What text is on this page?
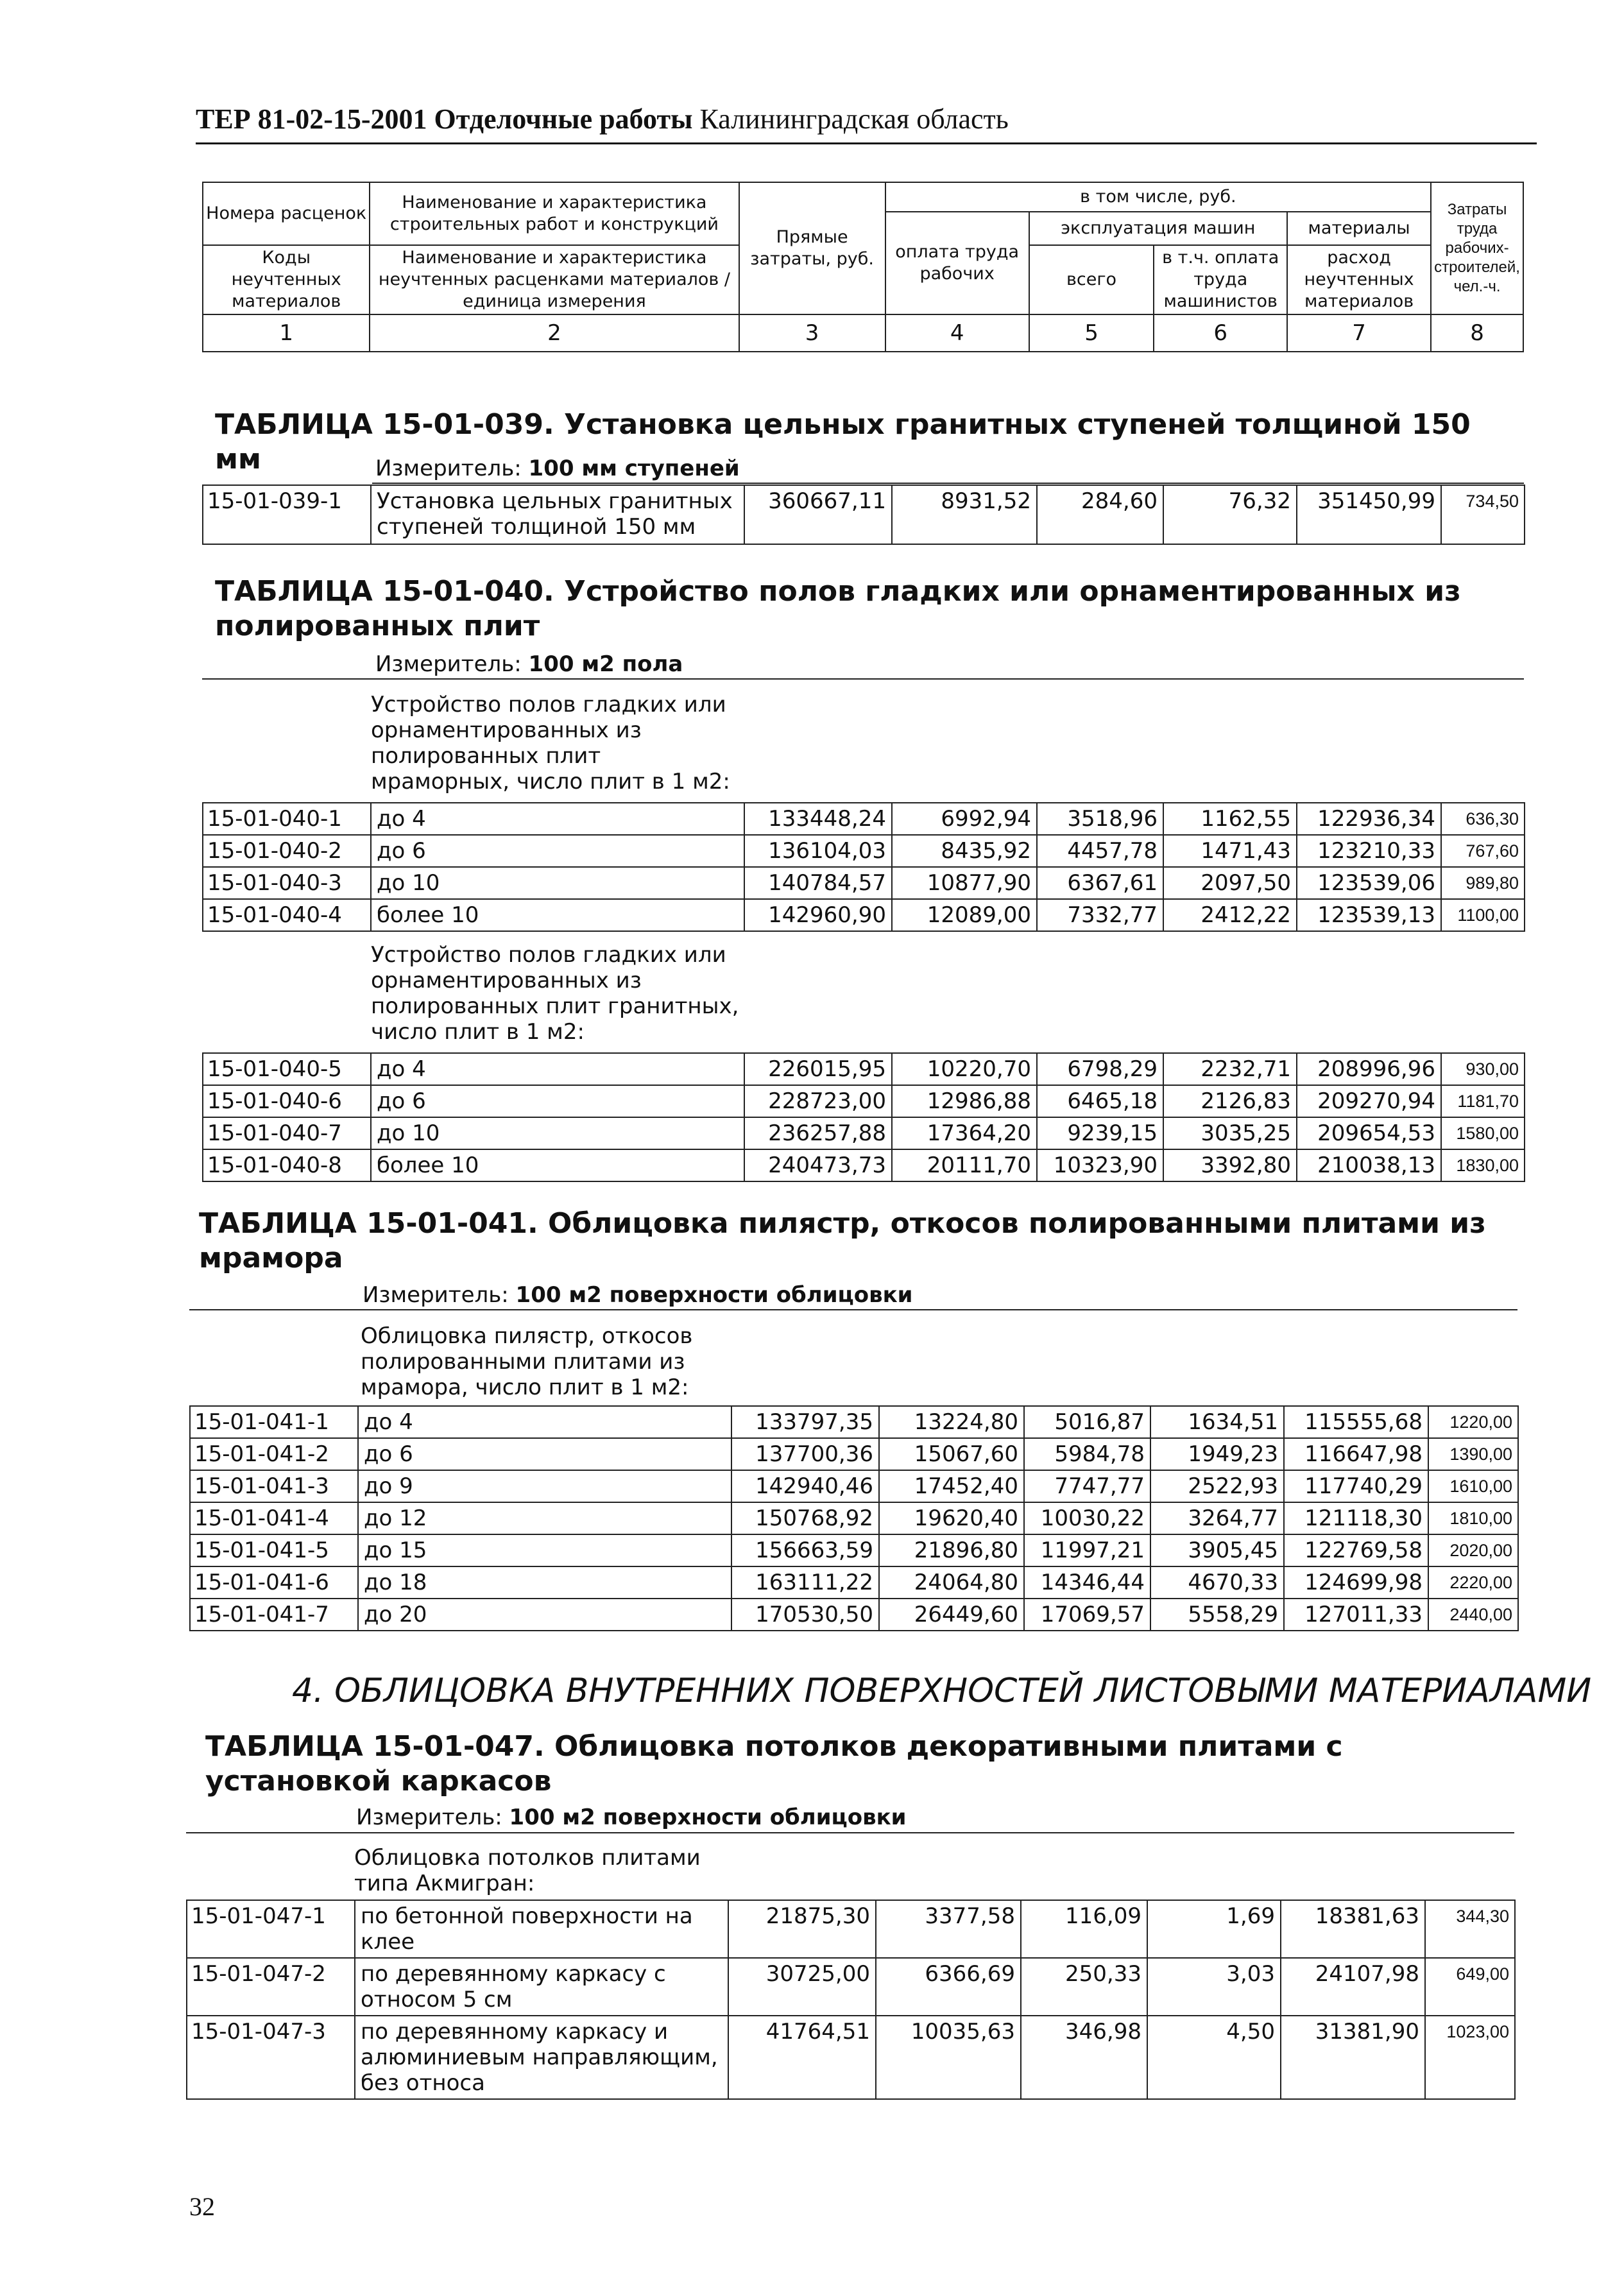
ТЕР 81-02-15-2001 Отделочные работы Калининградская область
Номера расценок	Наименование и характеристика строительных работ и конструкций	Прямые затраты, руб.	в том числе, руб.				Затраты труда рабочих-строителей, чел.-ч.
			оплата труда рабочих	эксплуатация машин		материалы	
Коды неучтенных материалов	Наименование и характеристика неучтенных расценками материалов / единица измерения			всего	в т.ч. оплата труда машинистов	расход неучтенных материалов	

1	2	3	4	5	6	7	8
ТАБЛИЦА 15-01-039. Установка цельных гранитных ступеней толщиной 150 мм	Измеритель: 100 мм ступеней
15-01-039-1	Установка цельных гранитных ступеней толщиной 150 мм	360667,11	8931,52	284,60	76,32	351450,99	734,50
ТАБЛИЦА 15-01-040. Устройство полов гладких или орнаментированных из полированных плит
Измеритель: 100 м2 пола
Устройство полов гладких или орнаментированных из полированных плит мраморных, число плит в 1 м2:
15-01-040-1	до 4	133448,24	6992,94	3518,96	1162,55	122936,34	636,30
15-01-040-2	до 6	136104,03	8435,92	4457,78	1471,43	123210,33	767,60
15-01-040-3	до 10	140784,57	10877,90	6367,61	2097,50	123539,06	989,80
15-01-040-4	более 10	142960,90	12089,00	7332,77	2412,22	123539,13	1100,00
Устройство полов гладких или орнаментированных из полированных плит гранитных, число плит в 1 м2:
15-01-040-5	до 4	226015,95	10220,70	6798,29	2232,71	208996,96	930,00
15-01-040-6	до 6	228723,00	12986,88	6465,18	2126,83	209270,94	1181,70
15-01-040-7	до 10	236257,88	17364,20	9239,15	3035,25	209654,53	1580,00
15-01-040-8	более 10	240473,73	20111,70	10323,90	3392,80	210038,13	1830,00
ТАБЛИЦА 15-01-041. Облицовка пилястр, откосов полированными плитами из мрамора
Измеритель: 100 м2 поверхности облицовки
Облицовка пилястр, откосов полированными плитами из мрамора, число плит в 1 м2:
15-01-041-1	до 4	133797,35	13224,80	5016,87	1634,51	115555,68	1220,00
15-01-041-2	до 6	137700,36	15067,60	5984,78	1949,23	116647,98	1390,00
15-01-041-3	до 9	142940,46	17452,40	7747,77	2522,93	117740,29	1610,00
15-01-041-4	до 12	150768,92	19620,40	10030,22	3264,77	121118,30	1810,00
15-01-041-5	до 15	156663,59	21896,80	11997,21	3905,45	122769,58	2020,00
15-01-041-6	до 18	163111,22	24064,80	14346,44	4670,33	124699,98	2220,00
15-01-041-7	до 20	170530,50	26449,60	17069,57	5558,29	127011,33	2440,00
4. ОБЛИЦОВКА ВНУТРЕННИХ ПОВЕРХНОСТЕЙ ЛИСТОВЫМИ МАТЕРИАЛАМИ
ТАБЛИЦА 15-01-047. Облицовка потолков декоративными плитами с установкой каркасов
Измеритель: 100 м2 поверхности облицовки
Облицовка потолков плитами типа Акмигран:
15-01-047-1	по бетонной поверхности на клее	21875,30	3377,58	116,09	1,69	18381,63	344,30
15-01-047-2	по деревянному каркасу с относом 5 см	30725,00	6366,69	250,33	3,03	24107,98	649,00
15-01-047-3	по деревянному каркасу и алюминиевым направляющим, без относа	41764,51	10035,63	346,98	4,50	31381,90	1023,00
32
